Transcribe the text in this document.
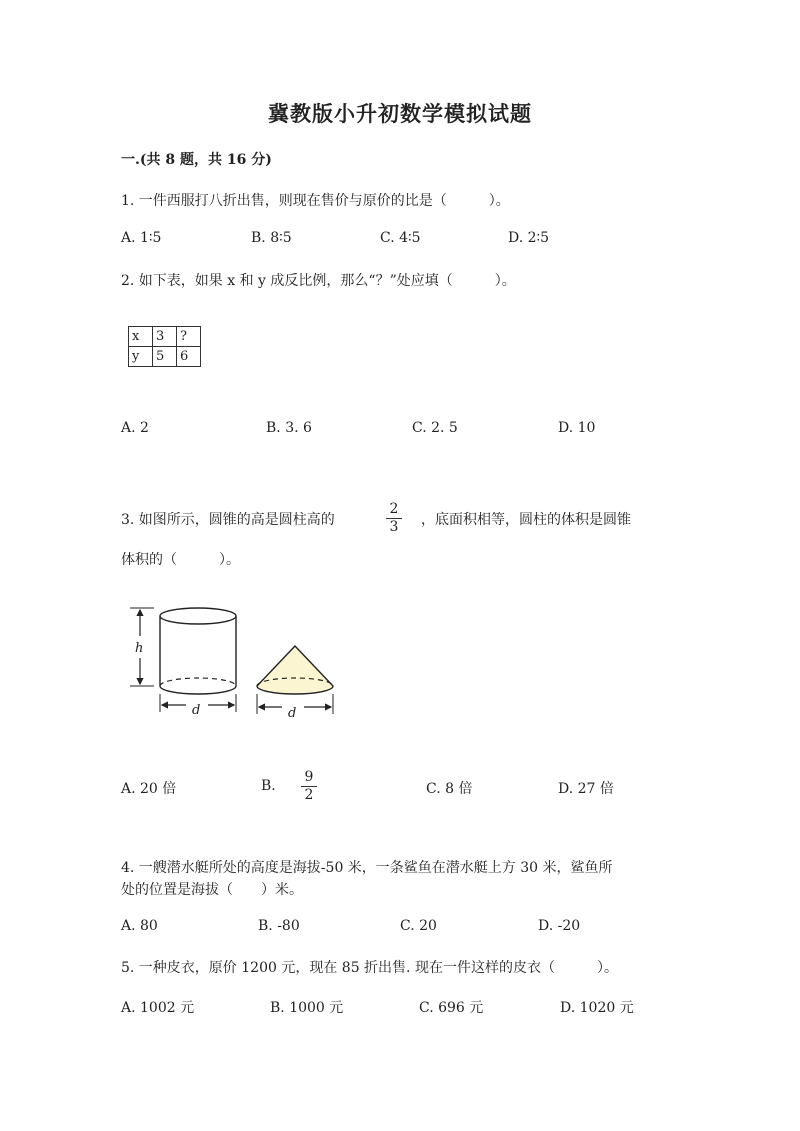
冀教版小升初数学模拟试题
一.(共 8 题，共 16 分)
1. 一件西服打八折出售，则现在售价与原价的比是（　　　）。
A. 1∶5	B. 8∶5	C. 4∶5	D. 2∶5
2. 如下表，如果 x 和 y 成反比例，那么“？”处应填（　　　）。
x	3	?
y	5	6
A. 2	B. 3. 6	C. 2. 5	D. 10
3. 如图所示，圆锥的高是圆柱高的
2
3 ，底面积相等，圆柱的体积是圆锥
体积的（　　　）。
h
d	d
A. 20 倍	B.
9
2	C. 8 倍	D. 27 倍
4. 一艘潜水艇所处的高度是海拔-50 米，一条鲨鱼在潜水艇上方 30 米，鲨鱼所
处的位置是海拔（　　）米。
A. 80	B. -80	C. 20	D. -20
5. 一种皮衣，原价 1200 元，现在 85 折出售. 现在一件这样的皮衣（　　　）。
A. 1002 元	B. 1000 元	C. 696 元	D. 1020 元
